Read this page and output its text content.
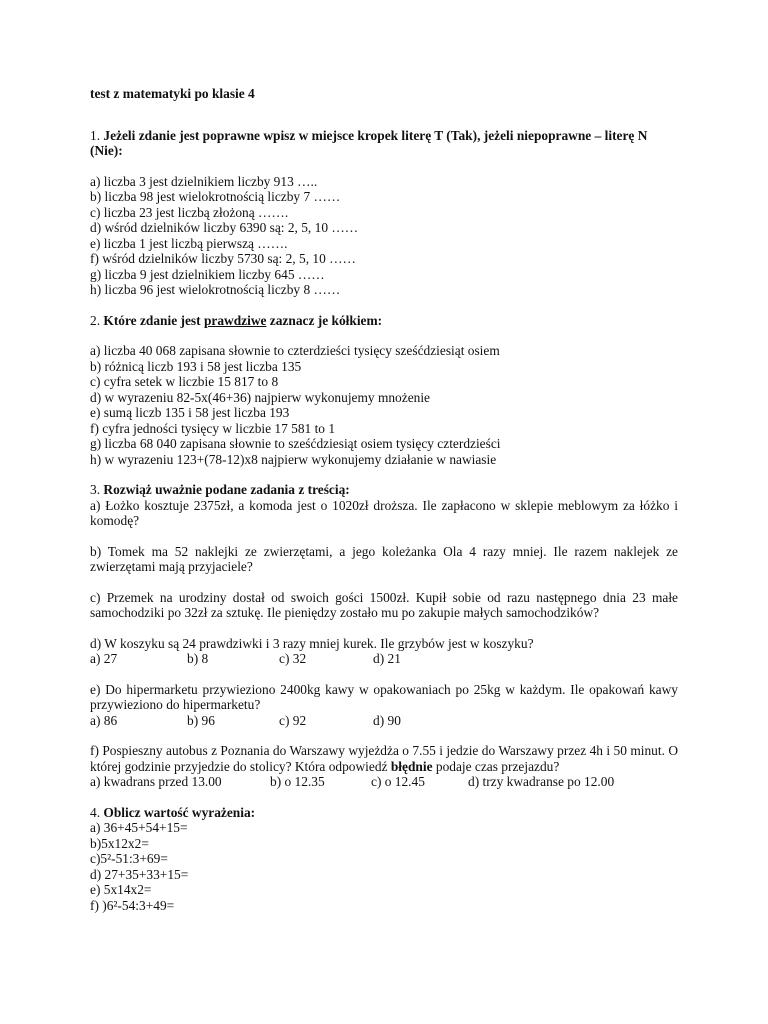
test z matematyki po klasie 4
1. Jeżeli zdanie jest poprawne wpisz w miejsce kropek literę T (Tak), jeżeli niepoprawne – literę N (Nie):
a) liczba 3 jest dzielnikiem liczby 913 …..
b) liczba 98 jest wielokrotnością liczby 7 ……
c) liczba 23 jest liczbą złożoną …….
d) wśród dzielników liczby 6390 są: 2, 5, 10 ……
e) liczba 1 jest liczbą pierwszą …….
f) wśród dzielników liczby 5730 są: 2, 5, 10 ……
g) liczba 9 jest dzielnikiem liczby 645 ……
h) liczba 96 jest wielokrotnością liczby 8 ……
2. Które zdanie jest prawdziwe zaznacz je kółkiem:
a) liczba 40 068 zapisana słownie to czterdzieści tysięcy sześćdziesiąt osiem
b) różnicą liczb 193 i 58 jest liczba 135
c) cyfra setek w liczbie 15 817 to 8
d) w wyrazeniu 82-5x(46+36) najpierw wykonujemy mnożenie
e) sumą liczb 135 i 58 jest liczba 193
f) cyfra jedności tysięcy w liczbie 17 581 to 1
g) liczba 68 040 zapisana słownie to sześćdziesiąt osiem tysięcy czterdzieści
h) w wyrazeniu 123+(78-12)x8 najpierw wykonujemy działanie w nawiasie
3. Rozwiąż uważnie podane zadania z treścią:
a) Łożko kosztuje 2375zł, a komoda jest o 1020zł droższa. Ile zapłacono w sklepie meblowym za łóżko i komodę?
b) Tomek ma 52 naklejki ze zwierzętami, a jego koleżanka Ola 4 razy mniej. Ile razem naklejek ze zwierzętami mają przyjaciele?
c) Przemek na urodziny dostał od swoich gości 1500zł. Kupił sobie od razu następnego dnia 23 małe samochodziki po 32zł za sztukę. Ile pieniędzy zostało mu po zakupie małych samochodzików?
d) W koszyku są 24 prawdziwki i 3 razy mniej kurek. Ile grzybów jest w koszyku?
a) 27	b) 8	c) 32	d) 21
e) Do hipermarketu przywieziono 2400kg kawy w opakowaniach po 25kg w każdym. Ile opakowań kawy przywieziono do hipermarketu?
a) 86	b) 96	c) 92	d) 90
f) Pospieszny autobus z Poznania do Warszawy wyjeżdża o 7.55 i jedzie do Warszawy przez 4h i 50 minut. O której godzinie przyjedzie do stolicy? Która odpowiedź błędnie podaje czas przejazdu?
a) kwadrans przed 13.00	b) o 12.35	c) o 12.45	d) trzy kwadranse po 12.00
4. Oblicz wartość wyrażenia:
a) 36+45+54+15=
b)5x12x2=
c)5²-51:3+69=
d) 27+35+33+15=
e) 5x14x2=
f) )6²-54:3+49=
